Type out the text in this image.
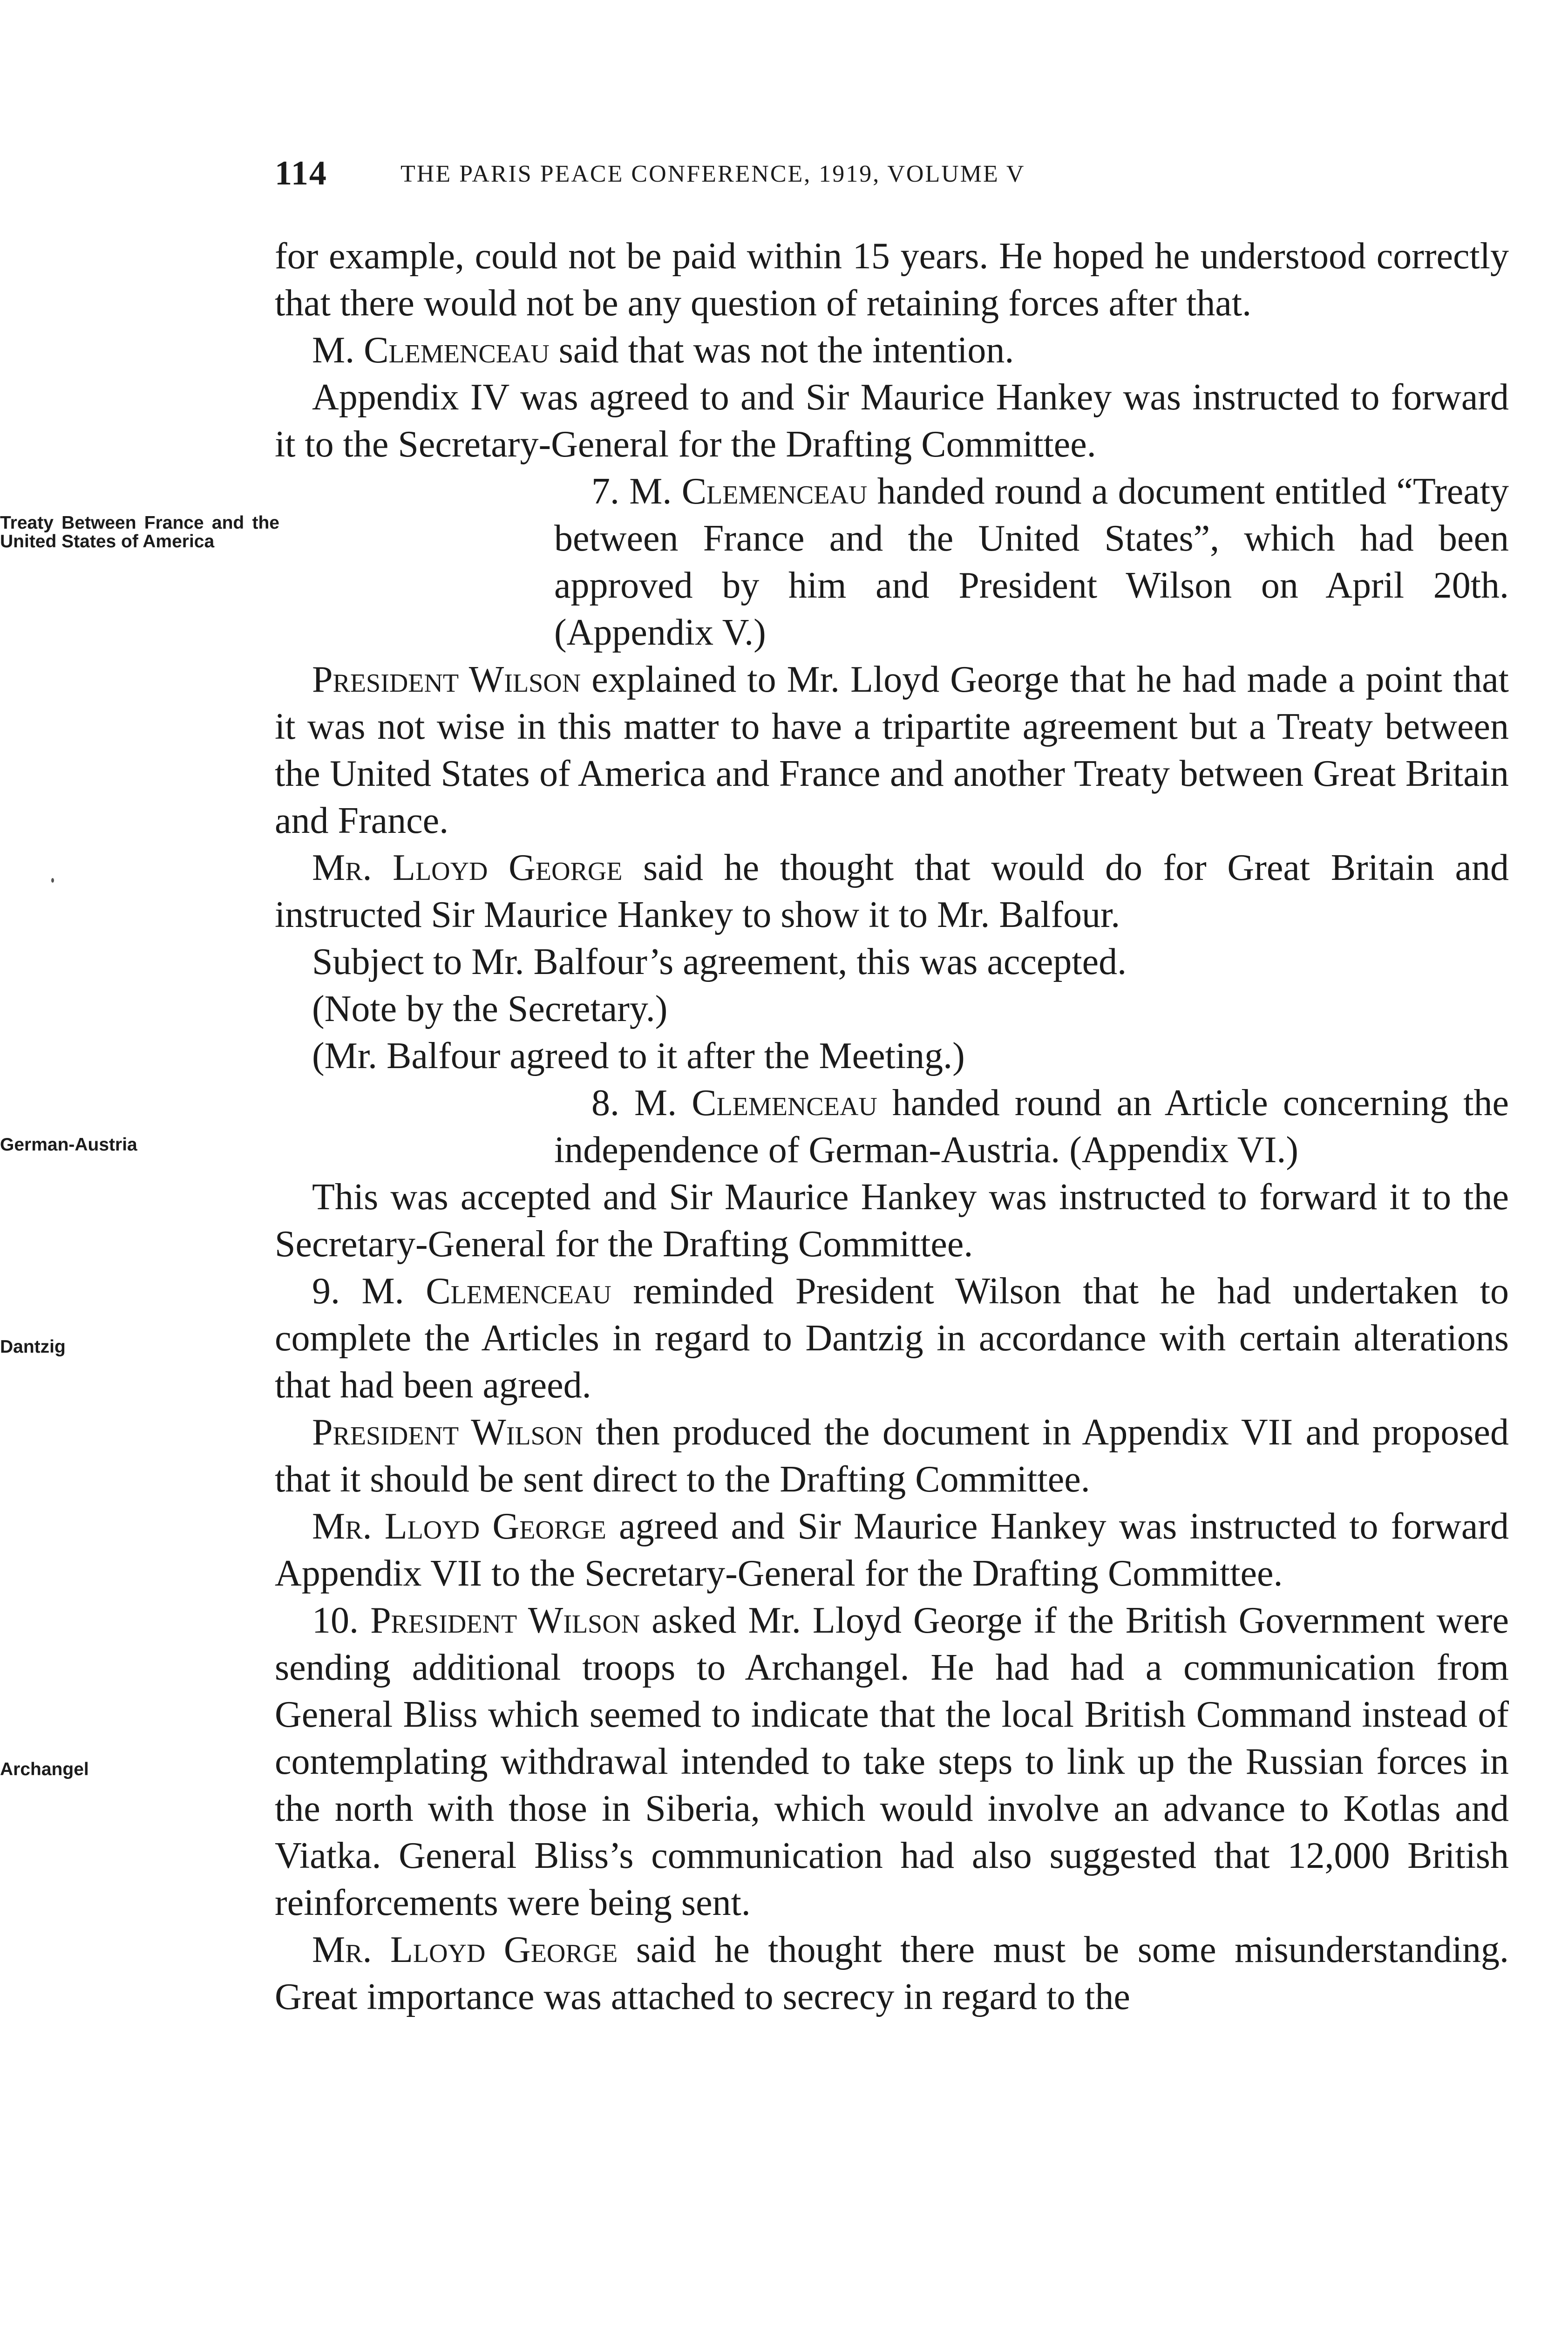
114	THE PARIS PEACE CONFERENCE, 1919, VOLUME V

for example, could not be paid within 15 years. He hoped he understood correctly that there would not be any question of retaining forces after that.

M. Clemenceau said that was not the intention.

Appendix IV was agreed to and Sir Maurice Hankey was instructed to forward it to the Secretary-General for the Drafting Committee.

Treaty Between France and the United States of America

7. M. Clemenceau handed round a document entitled “Treaty between France and the United States”, which had been approved by him and President Wilson on April 20th. (Appendix V.)

President Wilson explained to Mr. Lloyd George that he had made a point that it was not wise in this matter to have a tripartite agreement but a Treaty between the United States of America and France and another Treaty between Great Britain and France.

Mr. Lloyd George said he thought that would do for Great Britain and instructed Sir Maurice Hankey to show it to Mr. Balfour.

Subject to Mr. Balfour’s agreement, this was accepted.

(Note by the Secretary.)

(Mr. Balfour agreed to it after the Meeting.)

German-Austria

8. M. Clemenceau handed round an Article concerning the independence of German-Austria. (Appendix VI.)

This was accepted and Sir Maurice Hankey was instructed to forward it to the Secretary-General for the Drafting Committee.

Dantzig

9. M. Clemenceau reminded President Wilson that he had undertaken to complete the Articles in regard to Dantzig in accordance with certain alterations that had been agreed.

President Wilson then produced the document in Appendix VII and proposed that it should be sent direct to the Drafting Committee.

Mr. Lloyd George agreed and Sir Maurice Hankey was instructed to forward Appendix VII to the Secretary-General for the Drafting Committee.

Archangel

10. President Wilson asked Mr. Lloyd George if the British Government were sending additional troops to Archangel. He had had a communication from General Bliss which seemed to indicate that the local British Command instead of contemplating withdrawal intended to take steps to link up the Russian forces in the north with those in Siberia, which would involve an advance to Kotlas and Viatka. General Bliss’s communication had also suggested that 12,000 British reinforcements were being sent.

Mr. Lloyd George said he thought there must be some misunderstanding. Great importance was attached to secrecy in regard to the
